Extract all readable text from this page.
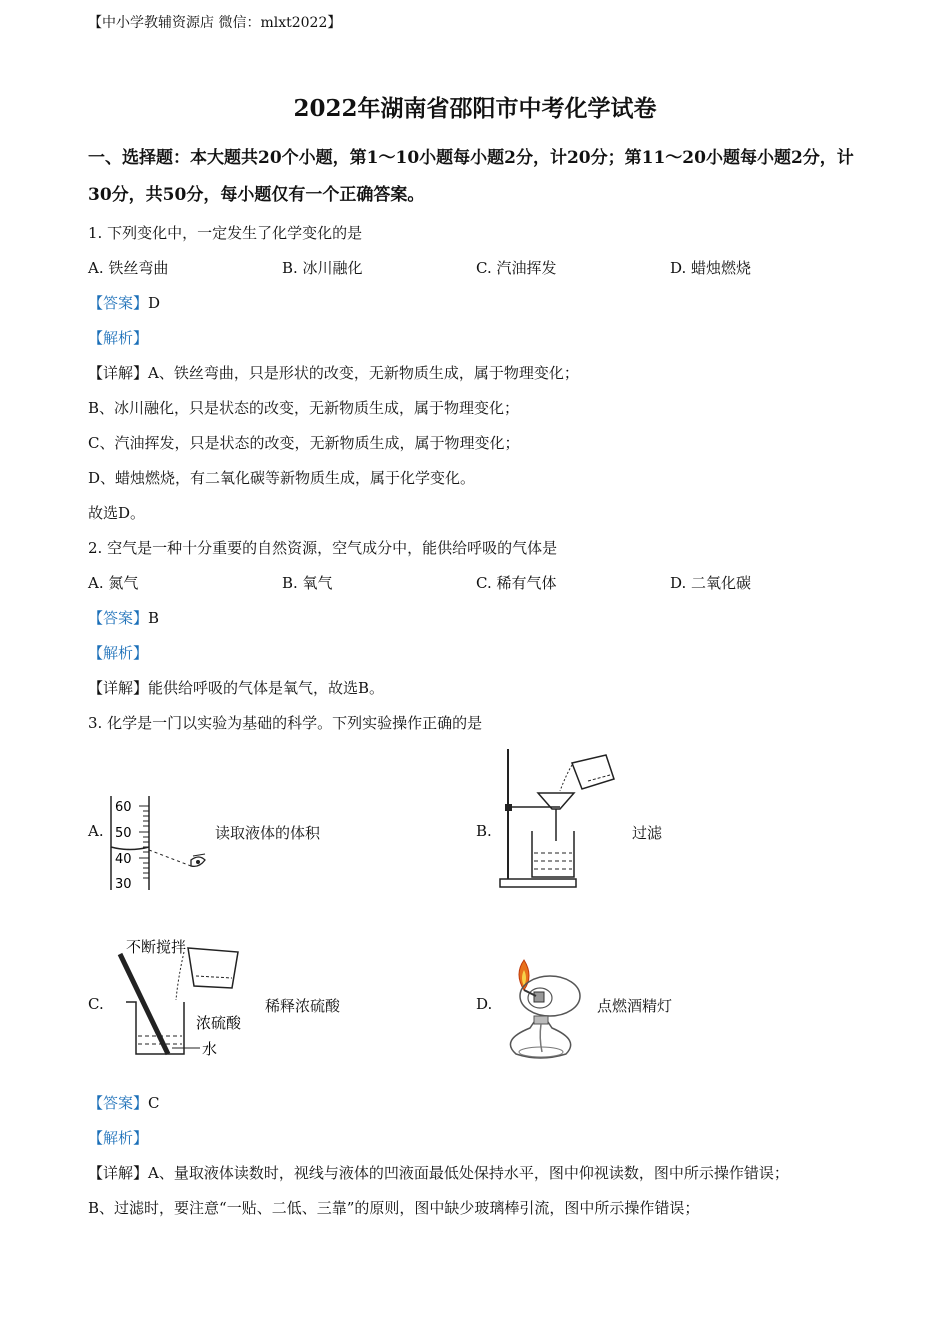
【中小学教辅资源店 微信：mlxt2022】
2022年湖南省邵阳市中考化学试卷
一、选择题：本大题共20个小题，第1～10小题每小题2分，计20分；第11～20小题每小题2分，计30分，共50分，每小题仅有一个正确答案。
1. 下列变化中，一定发生了化学变化的是
A. 铁丝弯曲	B. 冰川融化	C. 汽油挥发	D. 蜡烛燃烧
【答案】D
【解析】
【详解】A、铁丝弯曲，只是形状的改变，无新物质生成，属于物理变化；
B、冰川融化，只是状态的改变，无新物质生成，属于物理变化；
C、汽油挥发，只是状态的改变，无新物质生成，属于物理变化；
D、蜡烛燃烧，有二氧化碳等新物质生成，属于化学变化。
故选D。
2. 空气是一种十分重要的自然资源，空气成分中，能供给呼吸的气体是
A. 氮气	B. 氧气	C. 稀有气体	D. 二氧化碳
【答案】B
【解析】
【详解】能供给呼吸的气体是氧气，故选B。
3. 化学是一门以实验为基础的科学。下列实验操作正确的是
A.
60
50
40
30
读取液体的体积	B.	过滤
C.
不断搅拌
浓硫酸
水
稀释浓硫酸	D.	点燃酒精灯
【答案】C
【解析】
【详解】A、量取液体读数时，视线与液体的凹液面最低处保持水平，图中仰视读数，图中所示操作错误；
B、过滤时，要注意“一贴、二低、三靠”的原则，图中缺少玻璃棒引流，图中所示操作错误；
